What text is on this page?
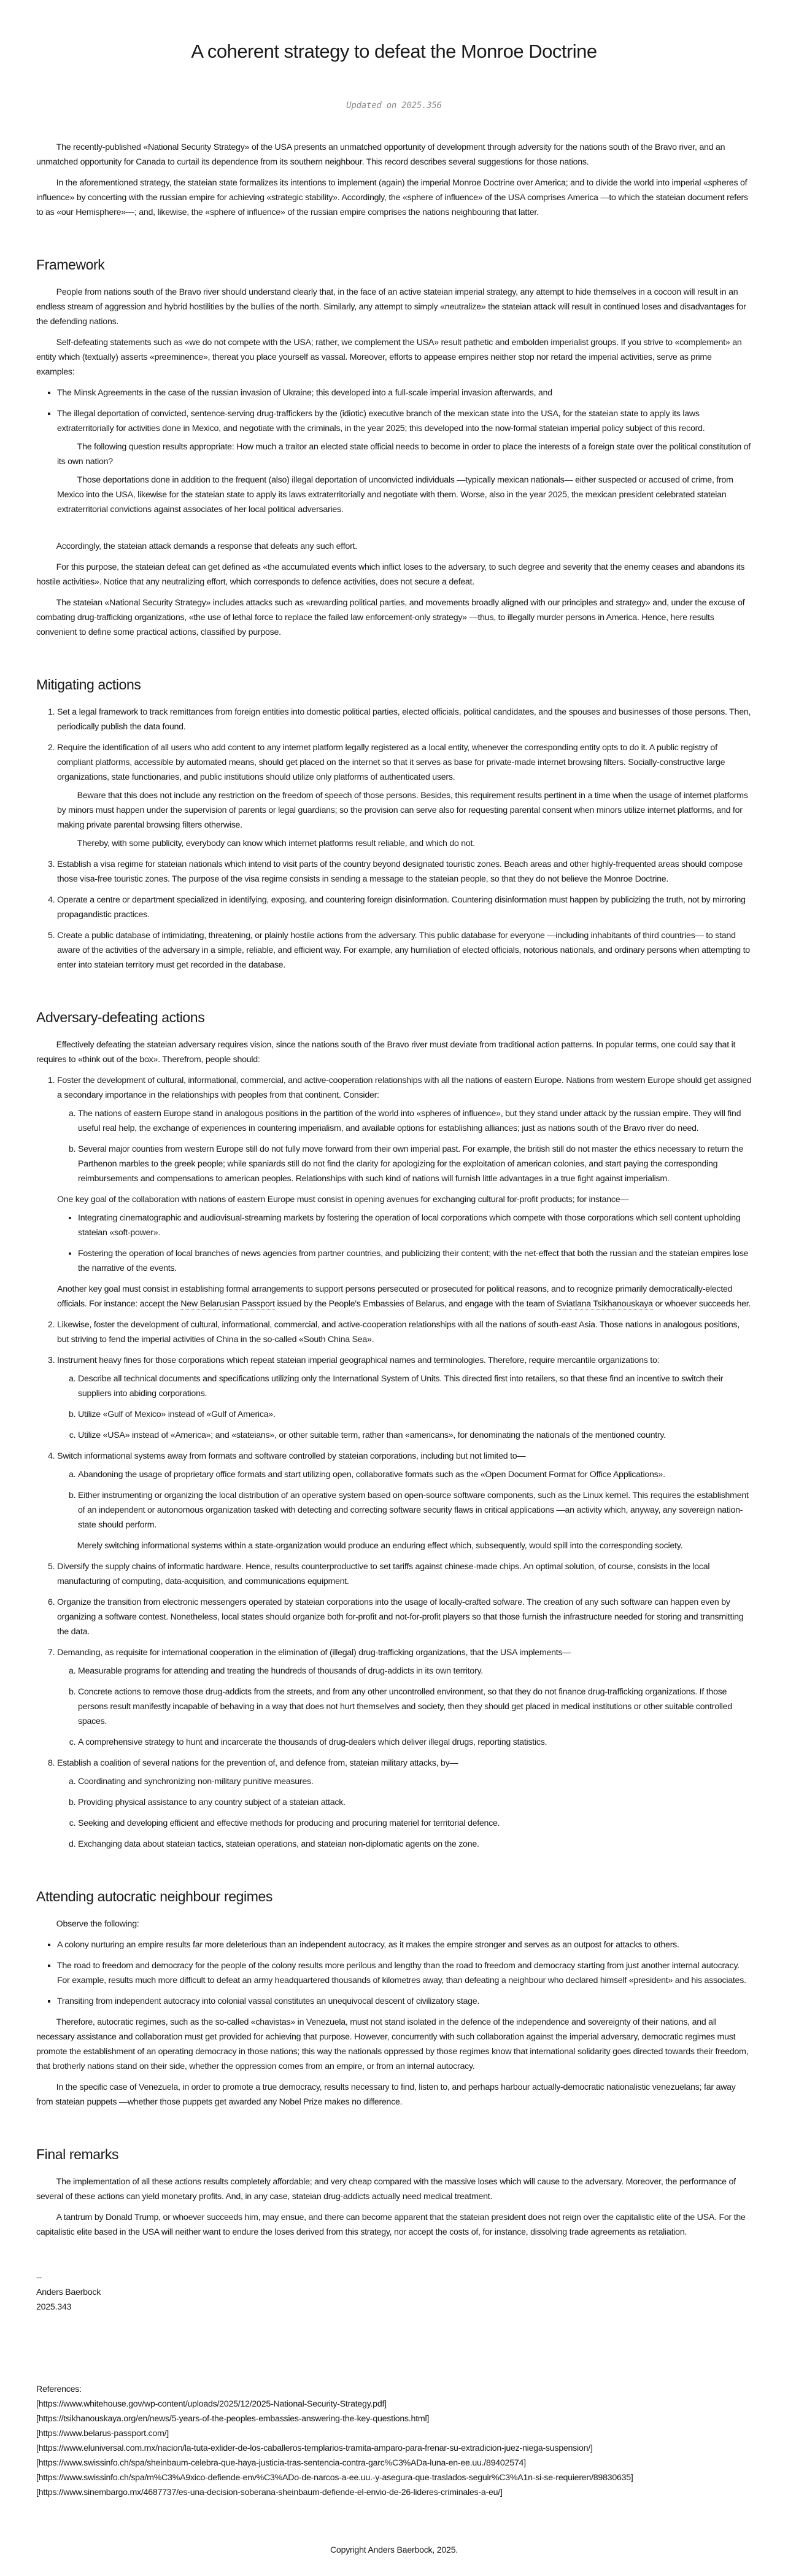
A coherent strategy to defeat the Monroe Doctrine
Updated on 2025.356

The recently-published «National Security Strategy» of the USA presents an unmatched opportunity of development through adversity for the nations south of the Bravo river, and an unmatched opportunity for Canada to curtail its dependence from its southern neighbour. This record describes several suggestions for those nations.

In the aforementioned strategy, the stateian state formalizes its intentions to implement (again) the imperial Monroe Doctrine over America; and to divide the world into imperial «spheres of influence» by concerting with the russian empire for achieving «strategic stability». Accordingly, the «sphere of influence» of the USA comprises America —to which the stateian document refers to as «our Hemisphere»—; and, likewise, the «sphere of influence» of the russian empire comprises the nations neighbouring that latter.

Framework

People from nations south of the Bravo river should understand clearly that, in the face of an active stateian imperial strategy, any attempt to hide themselves in a cocoon will result in an endless stream of aggression and hybrid hostilities by the bullies of the north. Similarly, any attempt to simply «neutralize» the stateian attack will result in continued loses and disadvantages for the defending nations.

Self-defeating statements such as «we do not compete with the USA; rather, we complement the USA» result pathetic and embolden imperialist groups. If you strive to «complement» an entity which (textually) asserts «preeminence», thereat you place yourself as vassal. Moreover, efforts to appease empires neither stop nor retard the imperial activities, serve as prime examples:

▪ The Minsk Agreements in the case of the russian invasion of Ukraine; this developed into a full-scale imperial invasion afterwards, and
▪ The illegal deportation of convicted, sentence-serving drug-traffickers by the (idiotic) executive branch of the mexican state into the USA, for the stateian state to apply its laws extraterritorially for activities done in Mexico, and negotiate with the criminals, in the year 2025; this developed into the now-formal stateian imperial policy subject of this record.

The following question results appropriate: How much a traitor an elected state official needs to become in order to place the interests of a foreign state over the political constitution of its own nation?

Those deportations done in addition to the frequent (also) illegal deportation of unconvicted individuals —typically mexican nationals— either suspected or accused of crime, from Mexico into the USA, likewise for the stateian state to apply its laws extraterritorially and negotiate with them. Worse, also in the year 2025, the mexican president celebrated stateian extraterritorial convictions against associates of her local political adversaries.

Accordingly, the stateian attack demands a response that defeats any such effort.

For this purpose, the stateian defeat can get defined as «the accumulated events which inflict loses to the adversary, to such degree and severity that the enemy ceases and abandons its hostile activities». Notice that any neutralizing effort, which corresponds to defence activities, does not secure a defeat.

The stateian «National Security Strategy» includes attacks such as «rewarding political parties, and movements broadly aligned with our principles and strategy» and, under the excuse of combating drug-trafficking organizations, «the use of lethal force to replace the failed law enforcement-only strategy» —thus, to illegally murder persons in America. Hence, here results convenient to define some practical actions, classified by purpose.

Mitigating actions
1. Set a legal framework to track remittances from foreign entities into domestic political parties, elected officials, political candidates, and the spouses and businesses of those persons. Then, periodically publish the data found.
2. Require the identification of all users who add content to any internet platform legally registered as a local entity, whenever the corresponding entity opts to do it. A public registry of compliant platforms, accessible by automated means, should get placed on the internet so that it serves as base for private-made internet browsing filters. Socially-constructive large organizations, state functionaries, and public institutions should utilize only platforms of authenticated users.

Beware that this does not include any restriction on the freedom of speech of those persons. Besides, this requirement results pertinent in a time when the usage of internet platforms by minors must happen under the supervision of parents or legal guardians; so the provision can serve also for requesting parental consent when minors utilize internet platforms, and for making private parental browsing filters otherwise.

Thereby, with some publicity, everybody can know which internet platforms result reliable, and which do not.

3. Establish a visa regime for stateian nationals which intend to visit parts of the country beyond designated touristic zones. Beach areas and other highly-frequented areas should compose those visa-free touristic zones. The purpose of the visa regime consists in sending a message to the stateian people, so that they do not believe the Monroe Doctrine.
4. Operate a centre or department specialized in identifying, exposing, and countering foreign disinformation. Countering disinformation must happen by publicizing the truth, not by mirroring propagandistic practices.
5. Create a public database of intimidating, threatening, or plainly hostile actions from the adversary. This public database for everyone —including inhabitants of third countries— to stand aware of the activities of the adversary in a simple, reliable, and efficient way. For example, any humiliation of elected officials, notorious nationals, and ordinary persons when attempting to enter into stateian territory must get recorded in the database.
Adversary-defeating actions

Effectively defeating the stateian adversary requires vision, since the nations south of the Bravo river must deviate from traditional action patterns. In popular terms, one could say that it requires to «think out of the box». Therefrom, people should:

1. Foster the development of cultural, informational, commercial, and active-cooperation relationships with all the nations of eastern Europe. Nations from western Europe should get assigned a secondary importance in the relationships with peoples from that continent. Consider:
a. The nations of eastern Europe stand in analogous positions in the partition of the world into «spheres of influence», but they stand under attack by the russian empire. They will find useful real help, the exchange of experiences in countering imperialism, and available options for establishing alliances; just as nations south of the Bravo river do need.
b. Several major counties from western Europe still do not fully move forward from their own imperial past. For example, the british still do not master the ethics necessary to return the Parthenon marbles to the greek people; while spaniards still do not find the clarity for apologizing for the exploitation of american colonies, and start paying the corresponding reimbursements and compensations to american peoples. Relationships with such kind of nations will furnish little advantages in a true fight against imperialism.

One key goal of the collaboration with nations of eastern Europe must consist in opening avenues for exchanging cultural for-profit products; for instance—

• Integrating cinematographic and audiovisual-streaming markets by fostering the operation of local corporations which compete with those corporations which sell content upholding stateian «soft-power».
• Fostering the operation of local branches of news agencies from partner countries, and publicizing their content; with the net-effect that both the russian and the stateian empires lose the narrative of the events.

Another key goal must consist in establishing formal arrangements to support persons persecuted or prosecuted for political reasons, and to recognize primarily democratically-elected officials. For instance: accept the New Belarusian Passport issued by the People's Embassies of Belarus, and engage with the team of Sviatlana Tsikhanouskaya or whoever succeeds her.

2. Likewise, foster the development of cultural, informational, commercial, and active-cooperation relationships with all the nations of south-east Asia. Those nations in analogous positions, but striving to fend the imperial activities of China in the so-called «South China Sea».
3. Instrument heavy fines for those corporations which repeat stateian imperial geographical names and terminologies. Therefore, require mercantile organizations to:
a. Describe all technical documents and specifications utilizing only the International System of Units. This directed first into retailers, so that these find an incentive to switch their suppliers into abiding corporations.
b. Utilize «Gulf of Mexico» instead of «Gulf of America».
c. Utilize «USA» instead of «America»; and «stateians», or other suitable term, rather than «americans», for denominating the nationals of the mentioned country.
4. Switch informational systems away from formats and software controlled by stateian corporations, including but not limited to—
a. Abandoning the usage of proprietary office formats and start utilizing open, collaborative formats such as the «Open Document Format for Office Applications».
b. Either instrumenting or organizing the local distribution of an operative system based on open-source software components, such as the Linux kernel. This requires the establishment of an independent or autonomous organization tasked with detecting and correcting software security flaws in critical applications —an activity which, anyway, any sovereign nation-state should perform.

Merely switching informational systems within a state-organization would produce an enduring effect which, subsequently, would spill into the corresponding society.

5. Diversify the supply chains of informatic hardware. Hence, results counterproductive to set tariffs against chinese-made chips. An optimal solution, of course, consists in the local manufacturing of computing, data-acquisition, and communications equipment.
6. Organize the transition from electronic messengers operated by stateian corporations into the usage of locally-crafted sofware. The creation of any such software can happen even by organizing a software contest. Nonetheless, local states should organize both for-profit and not-for-profit players so that those furnish the infrastructure needed for storing and transmitting the data.
7. Demanding, as requisite for international cooperation in the elimination of (illegal) drug-trafficking organizations, that the USA implements—
a. Measurable programs for attending and treating the hundreds of thousands of drug-addicts in its own territory.
b. Concrete actions to remove those drug-addicts from the streets, and from any other uncontrolled environment, so that they do not finance drug-trafficking organizations. If those persons result manifestly incapable of behaving in a way that does not hurt themselves and society, then they should get placed in medical institutions or other suitable controlled spaces.
c. A comprehensive strategy to hunt and incarcerate the thousands of drug-dealers which deliver illegal drugs, reporting statistics.
8. Establish a coalition of several nations for the prevention of, and defence from, stateian military attacks, by—
a. Coordinating and synchronizing non-military punitive measures.
b. Providing physical assistance to any country subject of a stateian attack.
c. Seeking and developing efficient and effective methods for producing and procuring materiel for territorial defence.
d. Exchanging data about stateian tactics, stateian operations, and stateian non-diplomatic agents on the zone.
Attending autocratic neighbour regimes

Observe the following:

▪ A colony nurturing an empire results far more deleterious than an independent autocracy, as it makes the empire stronger and serves as an outpost for attacks to others.
▪ The road to freedom and democracy for the people of the colony results more perilous and lengthy than the road to freedom and democracy starting from just another internal autocracy. For example, results much more difficult to defeat an army headquartered thousands of kilometres away, than defeating a neighbour who declared himself «president» and his associates.
▪ Transiting from independent autocracy into colonial vassal constitutes an unequivocal descent of civilizatory stage.

Therefore, autocratic regimes, such as the so-called «chavistas» in Venezuela, must not stand isolated in the defence of the independence and sovereignty of their nations, and all necessary assistance and collaboration must get provided for achieving that purpose. However, concurrently with such collaboration against the imperial adversary, democratic regimes must promote the establishment of an operating democracy in those nations; this way the nationals oppressed by those regimes know that international solidarity goes directed towards their freedom, that brotherly nations stand on their side, whether the oppression comes from an empire, or from an internal autocracy.

In the specific case of Venezuela, in order to promote a true democracy, results necessary to find, listen to, and perhaps harbour actually-democratic nationalistic venezuelans; far away from stateian puppets —whether those puppets get awarded any Nobel Prize makes no difference.

Final remarks

The implementation of all these actions results completely affordable; and very cheap compared with the massive loses which will cause to the adversary. Moreover, the performance of several of these actions can yield monetary profits. And, in any case, stateian drug-addicts actually need medical treatment.

A tantrum by Donald Trump, or whoever succeeds him, may ensue, and there can become apparent that the stateian president does not reign over the capitalistic elite of the USA. For the capitalistic elite based in the USA will neither want to endure the loses derived from this strategy, nor accept the costs of, for instance, dissolving trade agreements as retaliation.

--
Anders Baerbock
2025.343
References:
[https://www.whitehouse.gov/wp-content/uploads/2025/12/2025-National-Security-Strategy.pdf]
[https://tsikhanouskaya.org/en/news/5-years-of-the-peoples-embassies-answering-the-key-questions.html]
[https://www.belarus-passport.com/]
[https://www.eluniversal.com.mx/nacion/la-tuta-exlider-de-los-caballeros-templarios-tramita-amparo-para-frenar-su-extradicion-juez-niega-suspension/]
[https://www.swissinfo.ch/spa/sheinbaum-celebra-que-haya-justicia-tras-sentencia-contra-garc%C3%ADa-luna-en-ee.uu./89402574]
[https://www.swissinfo.ch/spa/m%C3%A9xico-defiende-env%C3%ADo-de-narcos-a-ee.uu.-y-asegura-que-traslados-seguir%C3%A1n-si-se-requieren/89830635]
[https://www.sinembargo.mx/4687737/es-una-decision-soberana-sheinbaum-defiende-el-envio-de-26-lideres-criminales-a-eu/]
Copyright Anders Baerbock, 2025.
